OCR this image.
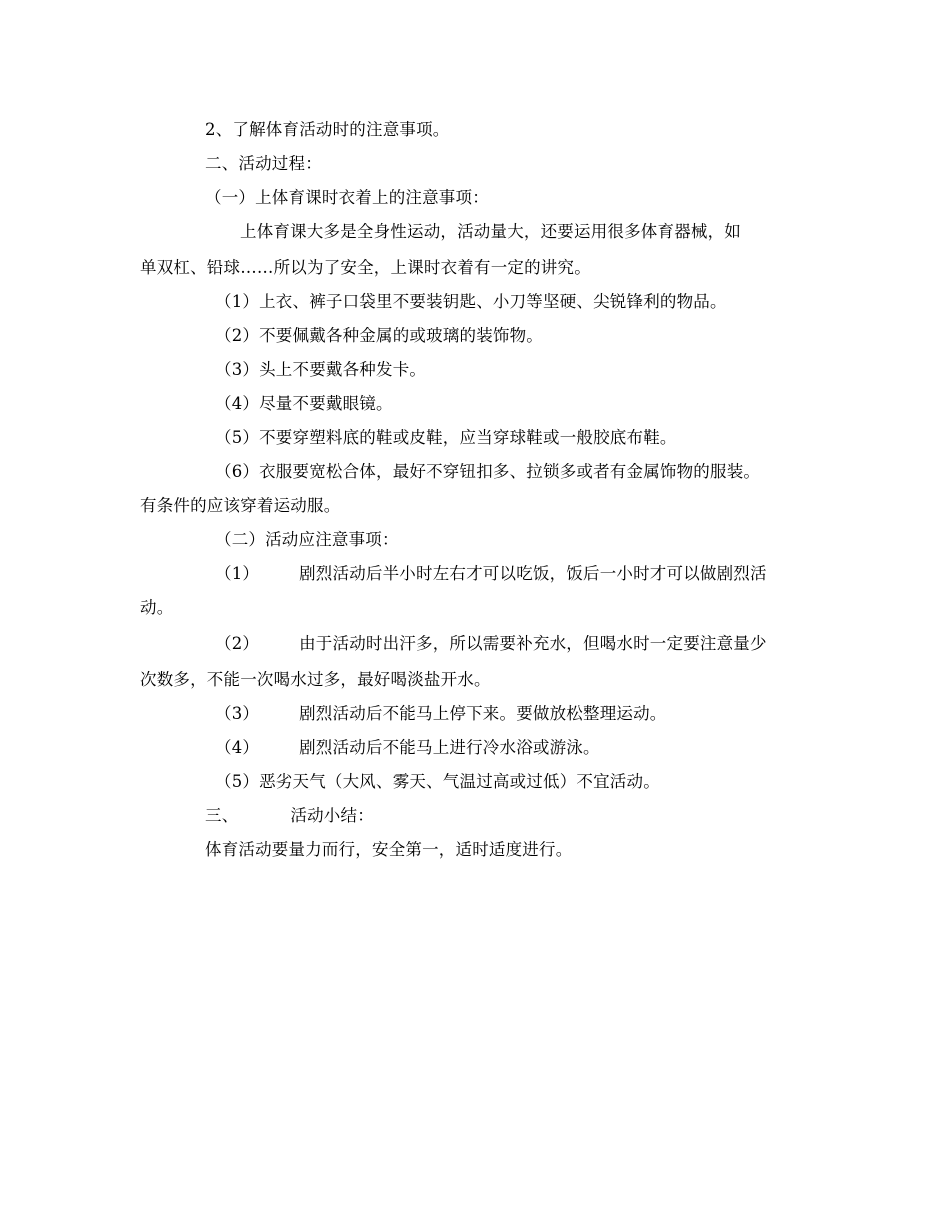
2、了解体育活动时的注意事项。
二、活动过程：
（一）上体育课时衣着上的注意事项：
上体育课大多是全身性运动，活动量大，还要运用很多体育器械，如
单双杠、铅球……所以为了安全，上课时衣着有一定的讲究。
（1）上衣、裤子口袋里不要装钥匙、小刀等坚硬、尖锐锋利的物品。
（2）不要佩戴各种金属的或玻璃的装饰物。
（3）头上不要戴各种发卡。
（4）尽量不要戴眼镜。
（5）不要穿塑料底的鞋或皮鞋，应当穿球鞋或一般胶底布鞋。
（6）衣服要宽松合体，最好不穿钮扣多、拉锁多或者有金属饰物的服装。
有条件的应该穿着运动服。
（二）活动应注意事项：
（1） 剧烈活动后半小时左右才可以吃饭，饭后一小时才可以做剧烈活
动。
（2） 由于活动时出汗多，所以需要补充水，但喝水时一定要注意量少
次数多，不能一次喝水过多，最好喝淡盐开水。
（3） 剧烈活动后不能马上停下来。要做放松整理运动。
（4） 剧烈活动后不能马上进行冷水浴或游泳。
（5）恶劣天气（大风、雾天、气温过高或过低）不宜活动。
三、	活动小结：
体育活动要量力而行，安全第一，适时适度进行。
